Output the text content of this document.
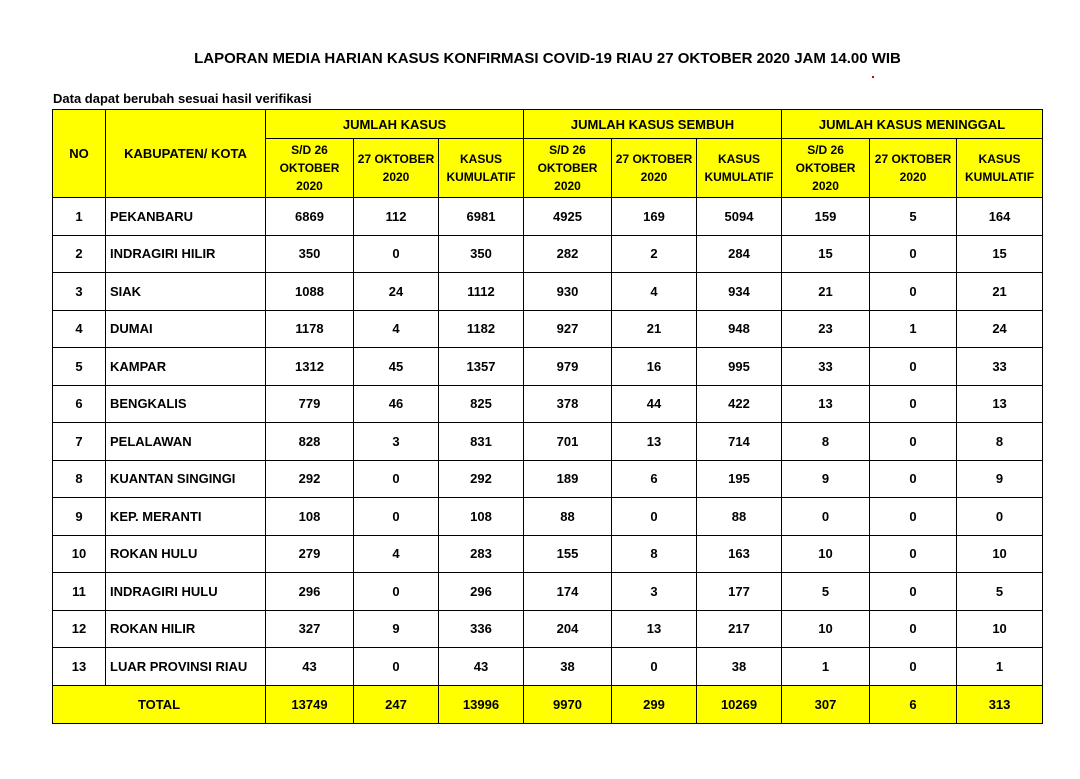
LAPORAN MEDIA HARIAN KASUS KONFIRMASI COVID-19 RIAU 27 OKTOBER 2020 JAM 14.00 WIB
Data dapat berubah sesuai hasil verifikasi
NO	KABUPATEN/ KOTA	JUMLAH KASUS			JUMLAH KASUS SEMBUH			JUMLAH KASUS MENINGGAL		
		S/D 26 OKTOBER 2020	27 OKTOBER 2020	KASUS KUMULATIF	S/D 26 OKTOBER 2020	27 OKTOBER 2020	KASUS KUMULATIF	S/D 26 OKTOBER 2020	27 OKTOBER 2020	KASUS KUMULATIF
1	PEKANBARU	6869	112	6981	4925	169	5094	159	5	164
2	INDRAGIRI HILIR	350	0	350	282	2	284	15	0	15
3	SIAK	1088	24	1112	930	4	934	21	0	21
4	DUMAI	1178	4	1182	927	21	948	23	1	24
5	KAMPAR	1312	45	1357	979	16	995	33	0	33
6	BENGKALIS	779	46	825	378	44	422	13	0	13
7	PELALAWAN	828	3	831	701	13	714	8	0	8
8	KUANTAN SINGINGI	292	0	292	189	6	195	9	0	9
9	KEP. MERANTI	108	0	108	88	0	88	0	0	0
10	ROKAN HULU	279	4	283	155	8	163	10	0	10
11	INDRAGIRI HULU	296	0	296	174	3	177	5	0	5
12	ROKAN HILIR	327	9	336	204	13	217	10	0	10
13	LUAR PROVINSI RIAU	43	0	43	38	0	38	1	0	1
TOTAL		13749	247	13996	9970	299	10269	307	6	313
